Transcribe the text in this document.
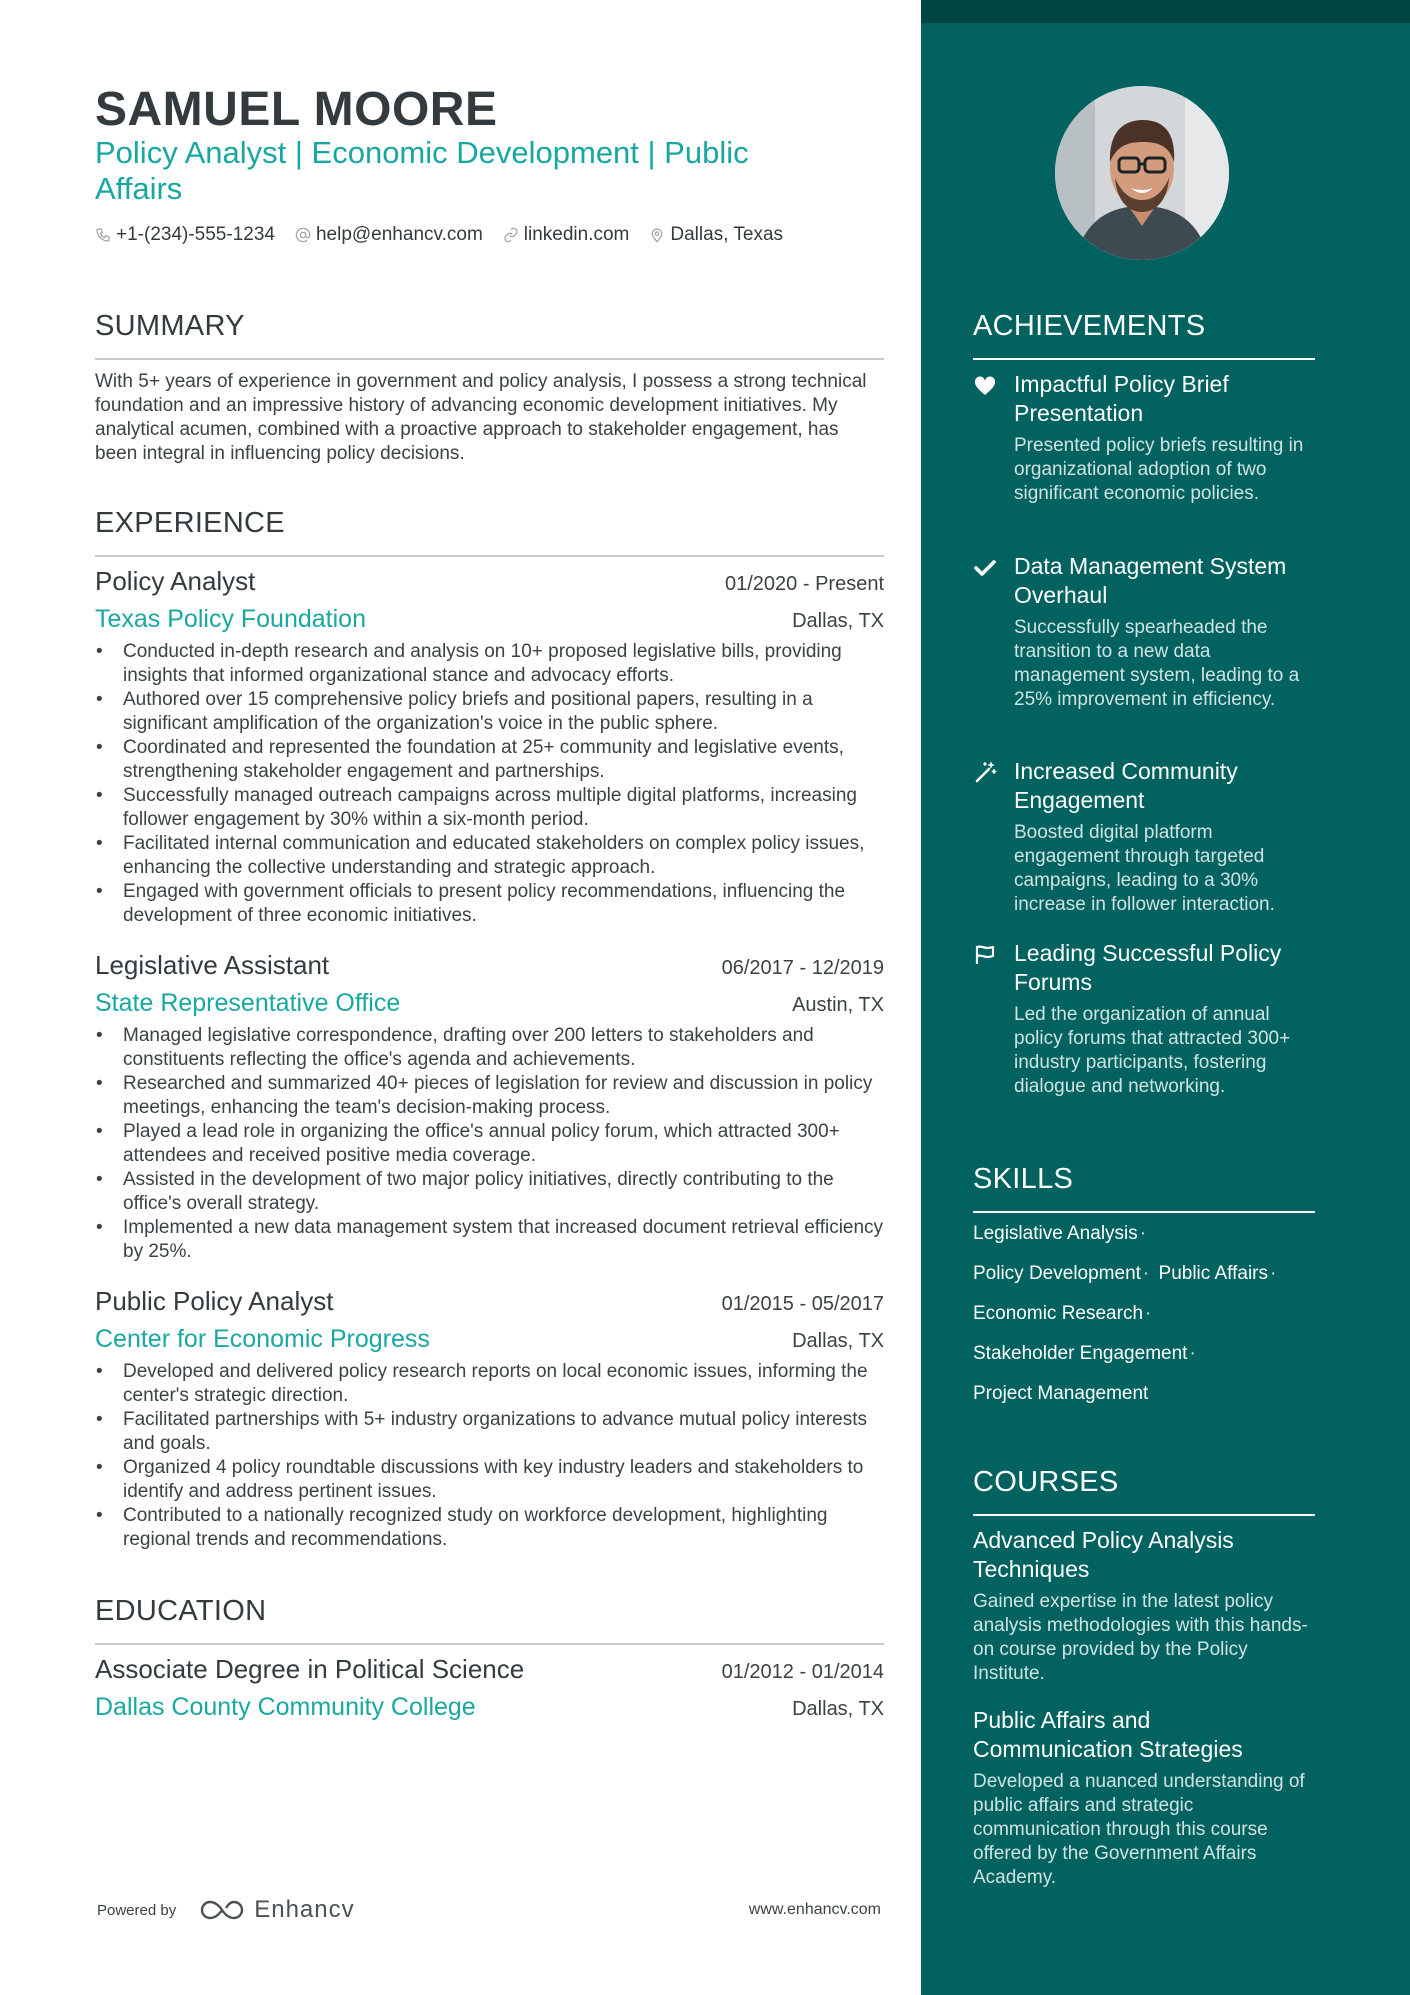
SAMUEL MOORE

Policy Analyst | Economic Development | Public Affairs

+1-(234)-555-1234 help@enhancv.com linkedin.com Dallas, Texas
SUMMARY

With 5+ years of experience in government and policy analysis, I possess a strong technical foundation and an impressive history of advancing economic development initiatives. My analytical acumen, combined with a proactive approach to stakeholder engagement, has been integral in influencing policy decisions.

EXPERIENCE
Policy Analyst	01/2020 - Present
Texas Policy Foundation	Dallas, TX
• Conducted in-depth research and analysis on 10+ proposed legislative bills, providing insights that informed organizational stance and advocacy efforts.
• Authored over 15 comprehensive policy briefs and positional papers, resulting in a significant amplification of the organization's voice in the public sphere.
• Coordinated and represented the foundation at 25+ community and legislative events, strengthening stakeholder engagement and partnerships.
• Successfully managed outreach campaigns across multiple digital platforms, increasing follower engagement by 30% within a six-month period.
• Facilitated internal communication and educated stakeholders on complex policy issues, enhancing the collective understanding and strategic approach.
• Engaged with government officials to present policy recommendations, influencing the development of three economic initiatives.
Legislative Assistant	06/2017 - 12/2019
State Representative Office	Austin, TX
• Managed legislative correspondence, drafting over 200 letters to stakeholders and constituents reflecting the office's agenda and achievements.
• Researched and summarized 40+ pieces of legislation for review and discussion in policy meetings, enhancing the team's decision-making process.
• Played a lead role in organizing the office's annual policy forum, which attracted 300+ attendees and received positive media coverage.
• Assisted in the development of two major policy initiatives, directly contributing to the office's overall strategy.
• Implemented a new data management system that increased document retrieval efficiency by 25%.
Public Policy Analyst	01/2015 - 05/2017
Center for Economic Progress	Dallas, TX
• Developed and delivered policy research reports on local economic issues, informing the center's strategic direction.
• Facilitated partnerships with 5+ industry organizations to advance mutual policy interests and goals.
• Organized 4 policy roundtable discussions with key industry leaders and stakeholders to identify and address pertinent issues.
• Contributed to a nationally recognized study on workforce development, highlighting regional trends and recommendations.
EDUCATION
Associate Degree in Political Science	01/2012 - 01/2014
Dallas County Community College	Dallas, TX
Powered by	Enhancv	www.enhancv.com
ACHIEVEMENTS
Impactful Policy Brief Presentation
Presented policy briefs resulting in organizational adoption of two significant economic policies.
Data Management System Overhaul
Successfully spearheaded the transition to a new data management system, leading to a 25% improvement in efficiency.
Increased Community Engagement
Boosted digital platform engagement through targeted campaigns, leading to a 30% increase in follower interaction.
Leading Successful Policy Forums
Led the organization of annual policy forums that attracted 300+ industry participants, fostering dialogue and networking.
SKILLS
Legislative Analysis ·
Policy Development · Public Affairs ·
Economic Research ·
Stakeholder Engagement ·
Project Management
COURSES
Advanced Policy Analysis Techniques
Gained expertise in the latest policy analysis methodologies with this hands-on course provided by the Policy Institute.
Public Affairs and Communication Strategies
Developed a nuanced understanding of public affairs and strategic communication through this course offered by the Government Affairs Academy.
